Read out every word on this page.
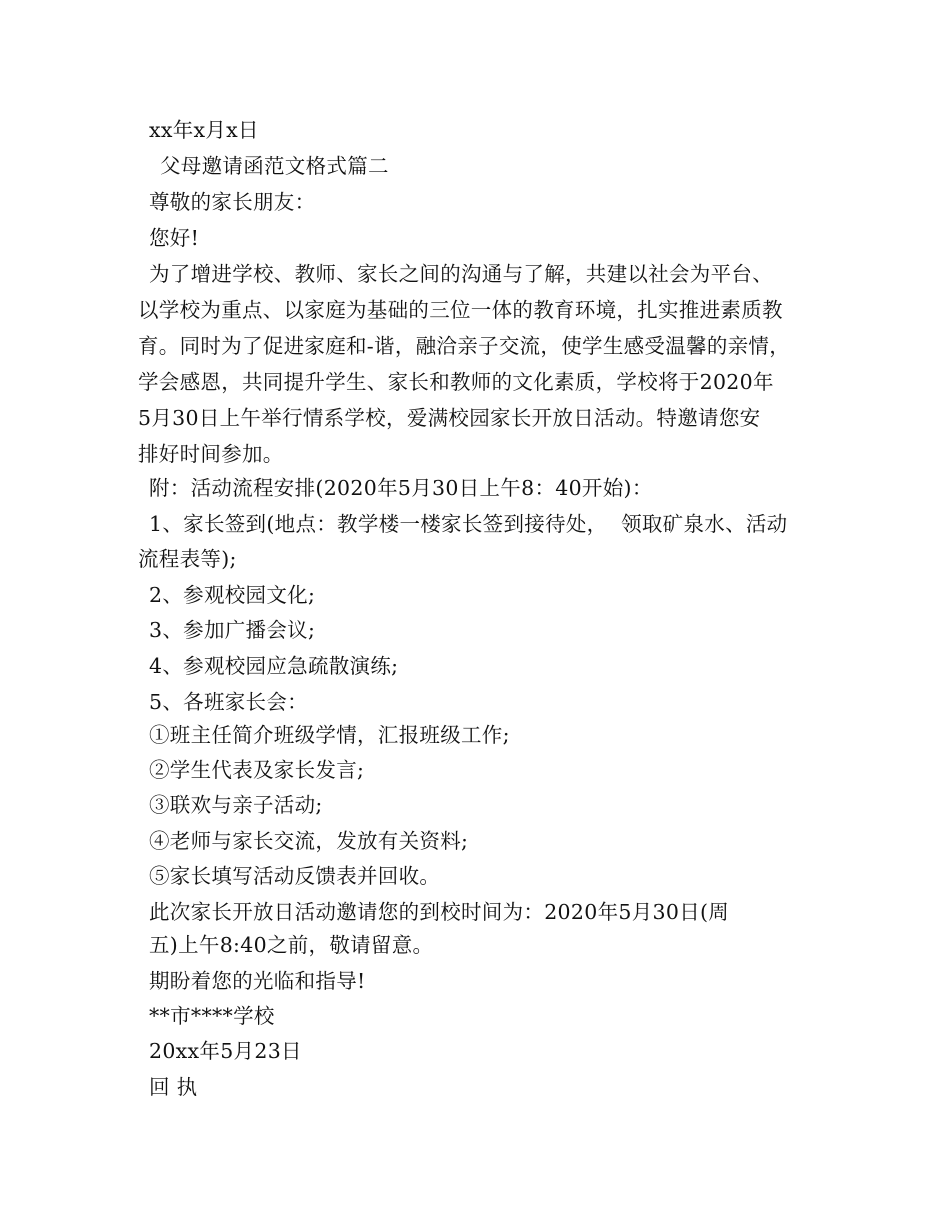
xx年x月x日
父母邀请函范文格式篇二
尊敬的家长朋友：
您好!
为了增进学校、教师、家长之间的沟通与了解，共建以社会为平台、
以学校为重点、以家庭为基础的三位一体的教育环境，扎实推进素质教
育。同时为了促进家庭和-谐，融洽亲子交流，使学生感受温馨的亲情，
学会感恩，共同提升学生、家长和教师的文化素质，学校将于2020年
5月30日上午举行情系学校，爱满校园家长开放日活动。特邀请您安
排好时间参加。
附：活动流程安排(2020年5月30日上午8：40开始)：
1、家长签到(地点：教学楼一楼家长签到接待处，  领取矿泉水、活动
流程表等);
2、参观校园文化;
3、参加广播会议;
4、参观校园应急疏散演练;
5、各班家长会：
①班主任简介班级学情，汇报班级工作;
②学生代表及家长发言;
③联欢与亲子活动;
④老师与家长交流，发放有关资料;
⑤家长填写活动反馈表并回收。
此次家长开放日活动邀请您的到校时间为：2020年5月30日(周
五)上午8:40之前，敬请留意。
期盼着您的光临和指导!
**市****学校
20xx年5月23日
回 执
